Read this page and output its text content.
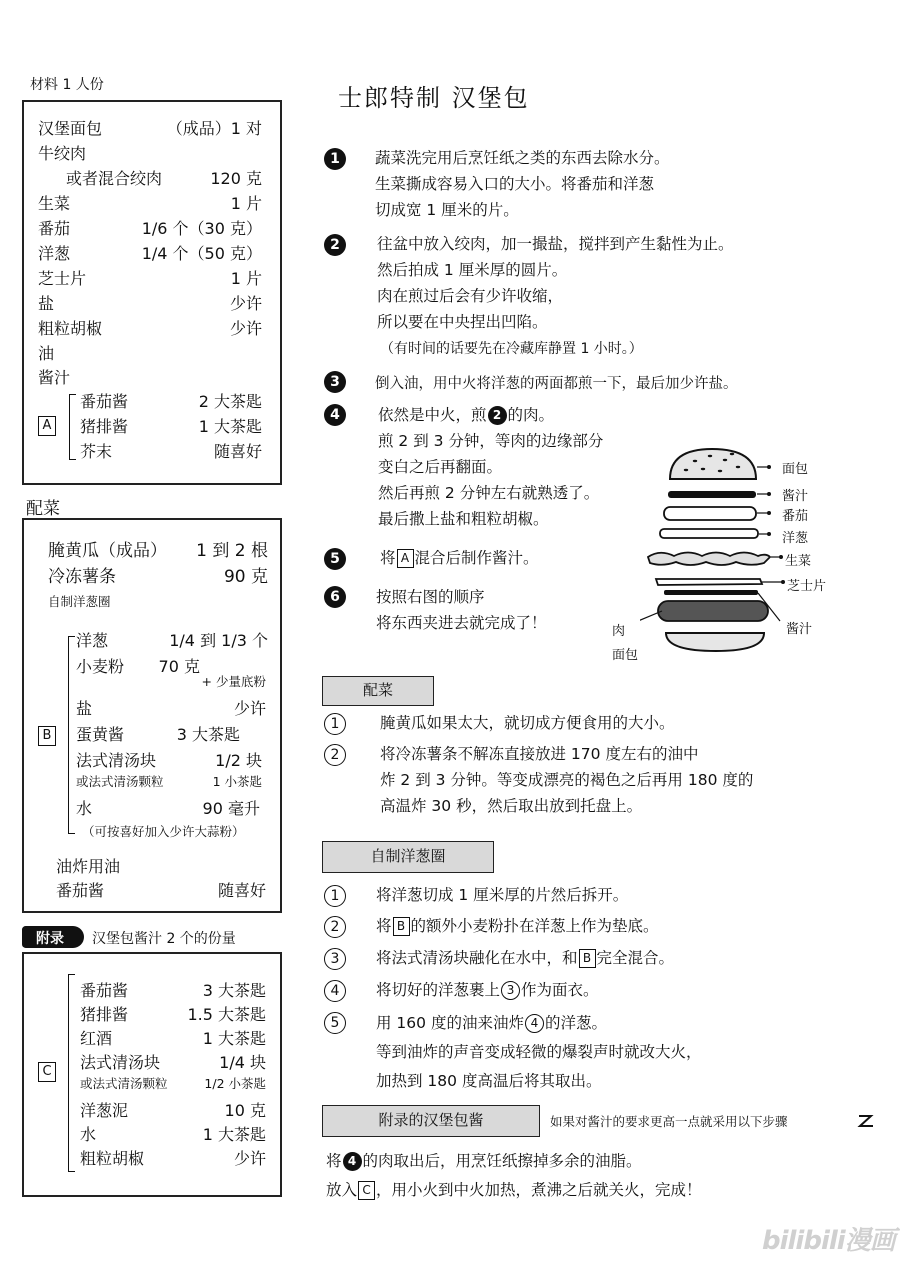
材料 1 人份
A
汉堡面包	（成品）1 对
牛绞肉
或者混合绞肉	120 克
生菜	1 片
番茄	1/6 个（30 克）
洋葱	1/4 个（50 克）
芝士片	1 片
盐	少许
粗粒胡椒	少许
油
酱汁
番茄酱	2 大茶匙
猪排酱	1 大茶匙
芥末	随喜好
配菜
B
（可按喜好加入少许大蒜粉）
腌黄瓜（成品） 1 到 2 根
冷冻薯条	90 克
自制洋葱圈
洋葱	1/4 到 1/3 个
小麦粉 70 克
+ 少量底粉
盐	少许
蛋黄酱	3 大茶匙
法式清汤块	1/2 块
或法式清汤颗粒	1 小茶匙
水	90 毫升
油炸用油
番茄酱	随喜好
附录 汉堡包酱汁 2 个的份量
C
番茄酱	3 大茶匙
猪排酱	1.5 大茶匙
红酒	1 大茶匙
法式清汤块	1/4 块
或法式清汤颗粒	1/2 小茶匙
洋葱泥	10 克
水	1 大茶匙
粗粒胡椒	少许
士郎特制 汉堡包
1	蔬菜洗完用后烹饪纸之类的东西去除水分。
生菜撕成容易入口的大小。将番茄和洋葱
切成宽 1 厘米的片。
2	往盆中放入绞肉，加一撮盐，搅拌到产生黏性为止。
然后拍成 1 厘米厚的圆片。
肉在煎过后会有少许收缩，
所以要在中央捏出凹陷。
（有时间的话要先在冷藏库静置 1 小时。）
3	倒入油，用中火将洋葱的两面都煎一下，最后加少许盐。
4	依然是中火，煎 2 的肉。
煎 2 到 3 分钟，等肉的边缘部分
变白之后再翻面。
然后再煎 2 分钟左右就熟透了。
最后撒上盐和粗粒胡椒。
5	将 A 混合后制作酱汁。
6	按照右图的顺序
将东西夹进去就完成了！
面包
酱汁
番茄
洋葱
生菜
芝士片
酱汁
肉
面包
配菜
1	腌黄瓜如果太大，就切成方便食用的大小。
2	将冷冻薯条不解冻直接放进 170 度左右的油中
炸 2 到 3 分钟。等变成漂亮的褐色之后再用 180 度的
高温炸 30 秒，然后取出放到托盘上。
自制洋葱圈
1	将洋葱切成 1 厘米厚的片然后拆开。
2	将 B 的额外小麦粉扑在洋葱上作为垫底。
3	将法式清汤块融化在水中，和 B 完全混合。
4	将切好的洋葱裹上 3 作为面衣。
5	用 160 度的油来油炸 4 的洋葱。
等到油炸的声音变成轻微的爆裂声时就改大火，
加热到 180 度高温后将其取出。
附录的汉堡包酱	如果对酱汁的要求更高一点就采用以下步骤
将 4 的肉取出后，用烹饪纸擦掉多余的油脂。
放入 C ，用小火到中火加热，煮沸之后就关火，完成！
bilibili漫画
